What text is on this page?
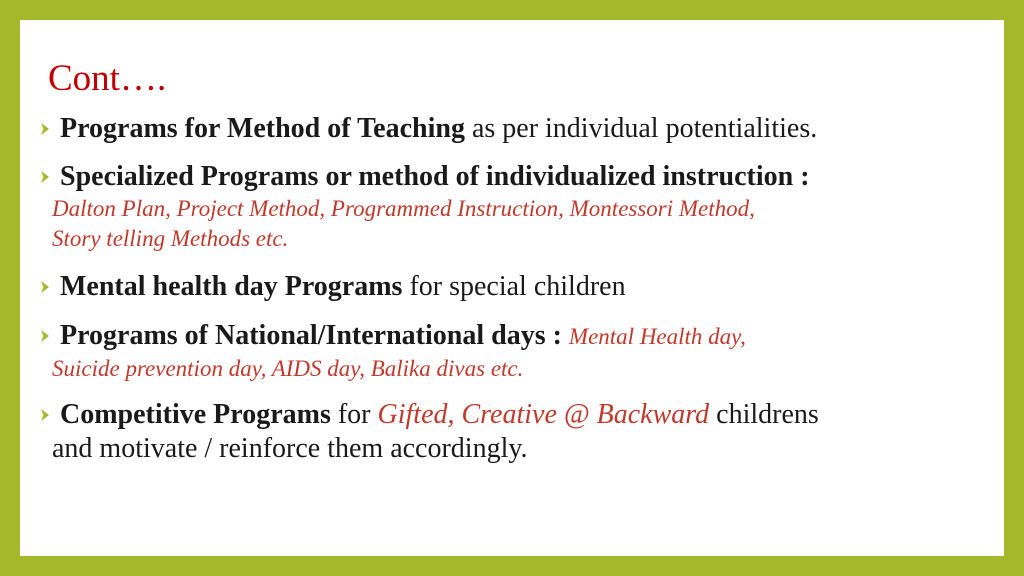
Cont….
Programs for Method of Teaching as per individual potentialities.
Specialized Programs or method of individualized instruction :
Dalton Plan, Project Method, Programmed Instruction, Montessori Method,
Story telling Methods etc.
Mental health day Programs for special children
Programs of National/International days : Mental Health day,
Suicide prevention day, AIDS day, Balika divas etc.
Competitive Programs for Gifted, Creative @ Backward childrens
and motivate / reinforce them accordingly.
